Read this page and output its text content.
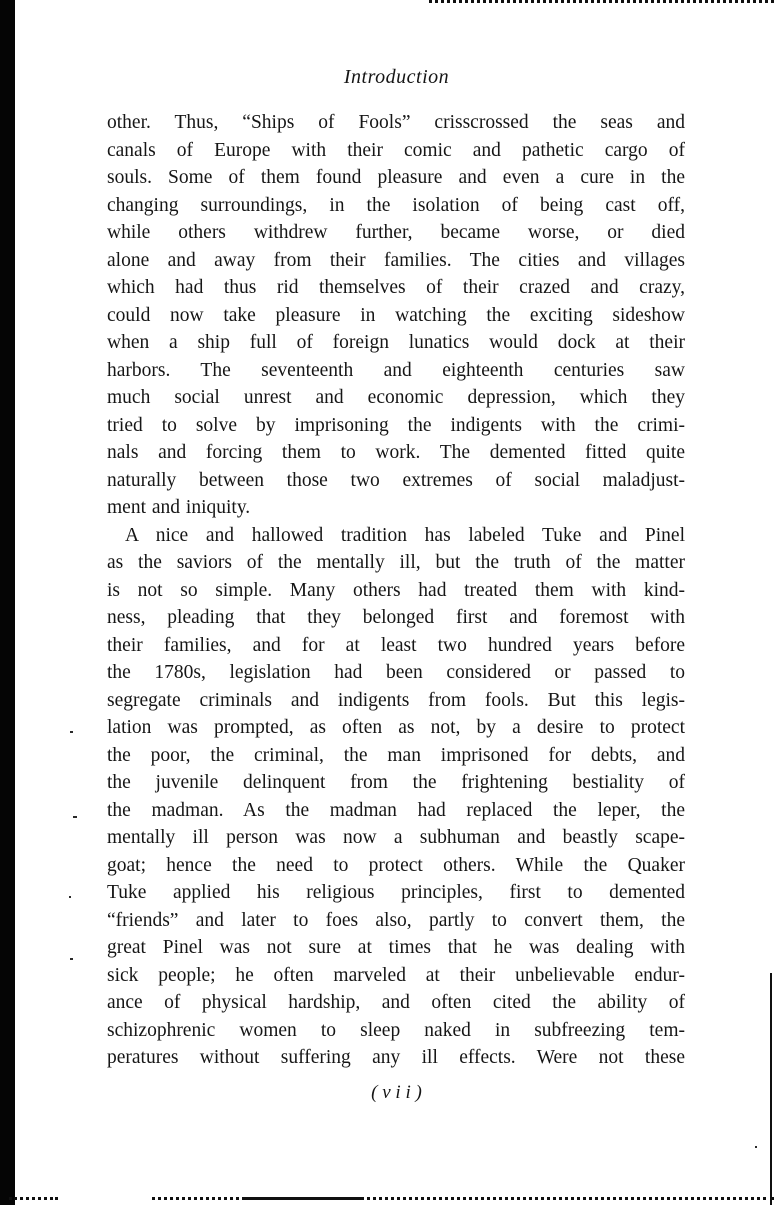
Introduction
other. Thus, “Ships of Fools” crisscrossed the seas and
canals of Europe with their comic and pathetic cargo of
souls. Some of them found pleasure and even a cure in the
changing surroundings, in the isolation of being cast off,
while others withdrew further, became worse, or died
alone and away from their families. The cities and villages
which had thus rid themselves of their crazed and crazy,
could now take pleasure in watching the exciting sideshow
when a ship full of foreign lunatics would dock at their
harbors. The seventeenth and eighteenth centuries saw
much social unrest and economic depression, which they
tried to solve by imprisoning the indigents with the crimi-
nals and forcing them to work. The demented fitted quite
naturally between those two extremes of social maladjust-
ment and iniquity.
A nice and hallowed tradition has labeled Tuke and Pinel
as the saviors of the mentally ill, but the truth of the matter
is not so simple. Many others had treated them with kind-
ness, pleading that they belonged first and foremost with
their families, and for at least two hundred years before
the 1780s, legislation had been considered or passed to
segregate criminals and indigents from fools. But this legis-
lation was prompted, as often as not, by a desire to protect
the poor, the criminal, the man imprisoned for debts, and
the juvenile delinquent from the frightening bestiality of
the madman. As the madman had replaced the leper, the
mentally ill person was now a subhuman and beastly scape-
goat; hence the need to protect others. While the Quaker
Tuke applied his religious principles, first to demented
“friends” and later to foes also, partly to convert them, the
great Pinel was not sure at times that he was dealing with
sick people; he often marveled at their unbelievable endur-
ance of physical hardship, and often cited the ability of
schizophrenic women to sleep naked in subfreezing tem-
peratures without suffering any ill effects. Were not these
( v i i )
